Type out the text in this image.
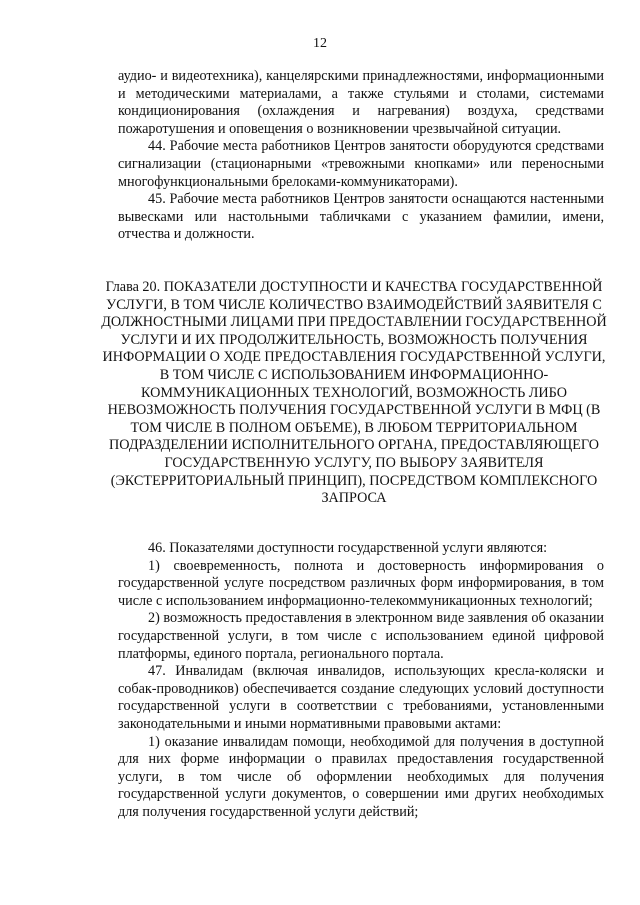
12

аудио- и видеотехника), канцелярскими принадлежностями, информационными и методическими материалами, а также стульями и столами, системами кондиционирования (охлаждения и нагревания) воздуха, средствами пожаротушения и оповещения о возникновении чрезвычайной ситуации.

44. Рабочие места работников Центров занятости оборудуются средствами сигнализации (стационарными «тревожными кнопками» или переносными многофункциональными брелоками-коммуникаторами).

45. Рабочие места работников Центров занятости оснащаются настенными вывесками или настольными табличками с указанием фамилии, имени, отчества и должности.

Глава 20. ПОКАЗАТЕЛИ ДОСТУПНОСТИ И КАЧЕСТВА ГОСУДАРСТВЕННОЙ УСЛУГИ, В ТОМ ЧИСЛЕ КОЛИЧЕСТВО ВЗАИМОДЕЙСТВИЙ ЗАЯВИТЕЛЯ С ДОЛЖНОСТНЫМИ ЛИЦАМИ ПРИ ПРЕДОСТАВЛЕНИИ ГОСУДАРСТВЕННОЙ УСЛУГИ И ИХ ПРОДОЛЖИТЕЛЬНОСТЬ, ВОЗМОЖНОСТЬ ПОЛУЧЕНИЯ ИНФОРМАЦИИ О ХОДЕ ПРЕДОСТАВЛЕНИЯ ГОСУДАРСТВЕННОЙ УСЛУГИ, В ТОМ ЧИСЛЕ С ИСПОЛЬЗОВАНИЕМ ИНФОРМАЦИОННО-КОММУНИКАЦИОННЫХ ТЕХНОЛОГИЙ, ВОЗМОЖНОСТЬ ЛИБО НЕВОЗМОЖНОСТЬ ПОЛУЧЕНИЯ ГОСУДАРСТВЕННОЙ УСЛУГИ В МФЦ (В ТОМ ЧИСЛЕ В ПОЛНОМ ОБЪЕМЕ), В ЛЮБОМ ТЕРРИТОРИАЛЬНОМ ПОДРАЗДЕЛЕНИИ ИСПОЛНИТЕЛЬНОГО ОРГАНА, ПРЕДОСТАВЛЯЮЩЕГО ГОСУДАРСТВЕННУЮ УСЛУГУ, ПО ВЫБОРУ ЗАЯВИТЕЛЯ (ЭКСТЕРРИТОРИАЛЬНЫЙ ПРИНЦИП), ПОСРЕДСТВОМ КОМПЛЕКСНОГО ЗАПРОСА

46. Показателями доступности государственной услуги являются:

1) своевременность, полнота и достоверность информирования о государственной услуге посредством различных форм информирования, в том числе с использованием информационно-телекоммуникационных технологий;

2) возможность предоставления в электронном виде заявления об оказании государственной услуги, в том числе с использованием единой цифровой платформы, единого портала, регионального портала.

47. Инвалидам (включая инвалидов, использующих кресла-коляски и собак-проводников) обеспечивается создание следующих условий доступности государственной услуги в соответствии с требованиями, установленными законодательными и иными нормативными правовыми актами:

1) оказание инвалидам помощи, необходимой для получения в доступной для них форме информации о правилах предоставления государственной услуги, в том числе об оформлении необходимых для получения государственной услуги документов, о совершении ими других необходимых для получения государственной услуги действий;
